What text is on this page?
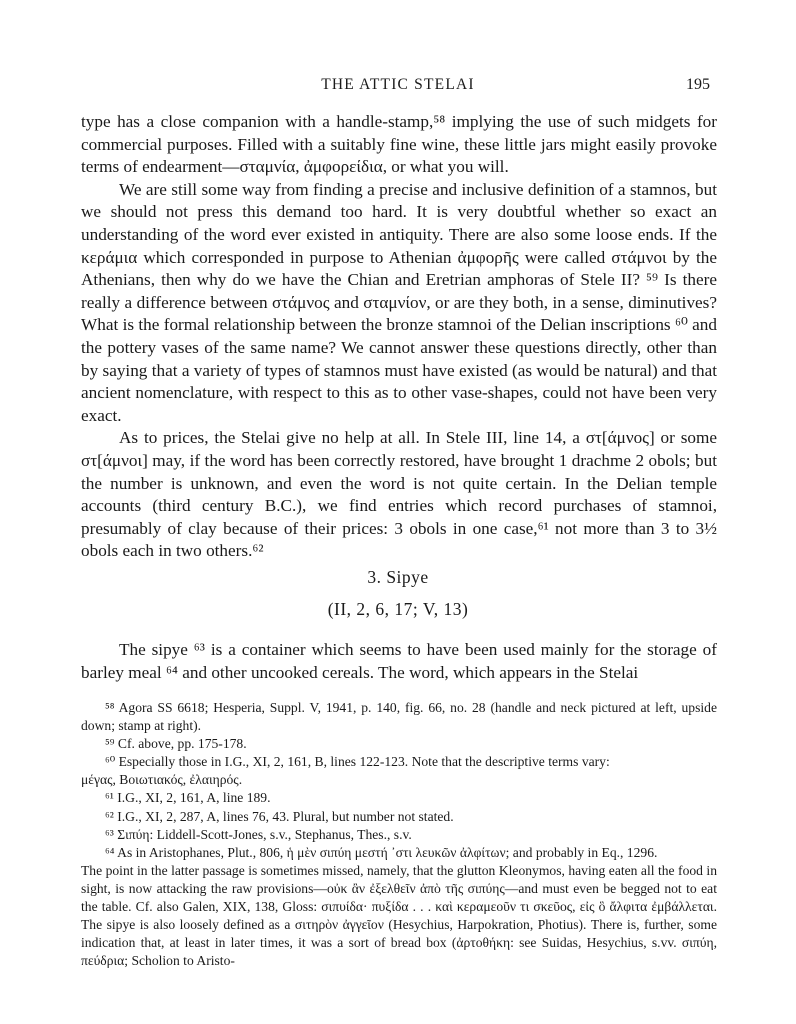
THE ATTIC STELAI	195

type has a close companion with a handle-stamp,⁵⁸ implying the use of such midgets for commercial purposes. Filled with a suitably fine wine, these little jars might easily provoke terms of endearment—σταμνία, ἀμφορείδια, or what you will.

We are still some way from finding a precise and inclusive definition of a stamnos, but we should not press this demand too hard. It is very doubtful whether so exact an understanding of the word ever existed in antiquity. There are also some loose ends. If the κεράμια which corresponded in purpose to Athenian ἀμφορῆς were called στάμνοι by the Athenians, then why do we have the Chian and Eretrian amphoras of Stele II? ⁵⁹ Is there really a difference between στάμνος and σταμνίον, or are they both, in a sense, diminutives? What is the formal relationship between the bronze stamnoi of the Delian inscriptions ⁶⁰ and the pottery vases of the same name? We cannot answer these questions directly, other than by saying that a variety of types of stamnos must have existed (as would be natural) and that ancient nomenclature, with respect to this as to other vase-shapes, could not have been very exact.

As to prices, the Stelai give no help at all. In Stele III, line 14, a στ[άμνος] or some στ[άμνοι] may, if the word has been correctly restored, have brought 1 drachme 2 obols; but the number is unknown, and even the word is not quite certain. In the Delian temple accounts (third century B.C.), we find entries which record purchases of stamnoi, presumably of clay because of their prices: 3 obols in one case,⁶¹ not more than 3 to 3½ obols each in two others.⁶²

3. Sipye
(II, 2, 6, 17; V, 13)

The sipye ⁶³ is a container which seems to have been used mainly for the storage of barley meal ⁶⁴ and other uncooked cereals. The word, which appears in the Stelai

⁵⁸ Agora SS 6618; Hesperia, Suppl. V, 1941, p. 140, fig. 66, no. 28 (handle and neck pictured at left, upside down; stamp at right).

⁵⁹ Cf. above, pp. 175-178.

⁶⁰ Especially those in I.G., XI, 2, 161, B, lines 122-123. Note that the descriptive terms vary:

μέγας, Βοιωτιακός, ἐλαιηρός.

⁶¹ I.G., XI, 2, 161, A, line 189.

⁶² I.G., XI, 2, 287, A, lines 76, 43. Plural, but number not stated.

⁶³ Σιπύη: Liddell-Scott-Jones, s.v., Stephanus, Thes., s.v.

⁶⁴ As in Aristophanes, Plut., 806, ἡ μὲν σιπύη μεστή ᾽στι λευκῶν ἀλφίτων; and probably in Eq., 1296.

The point in the latter passage is sometimes missed, namely, that the glutton Kleonymos, having eaten all the food in sight, is now attacking the raw provisions—οὐκ ἂν ἐξελθεῖν ἀπὸ τῆς σιπύης—and must even be begged not to eat the table. Cf. also Galen, XIX, 138, Gloss: σιπυίδα· πυξίδα . . . καὶ κεραμεοῦν τι σκεῦος, εἰς ὃ ἄλφιτα ἐμβάλλεται. The sipye is also loosely defined as a σιτηρὸν ἀγγεῖον (Hesychius, Harpokration, Photius). There is, further, some indication that, at least in later times, it was a sort of bread box (ἀρτοθήκη: see Suidas, Hesychius, s.vv. σιπύη, πεύδρια; Scholion to Aristo-
